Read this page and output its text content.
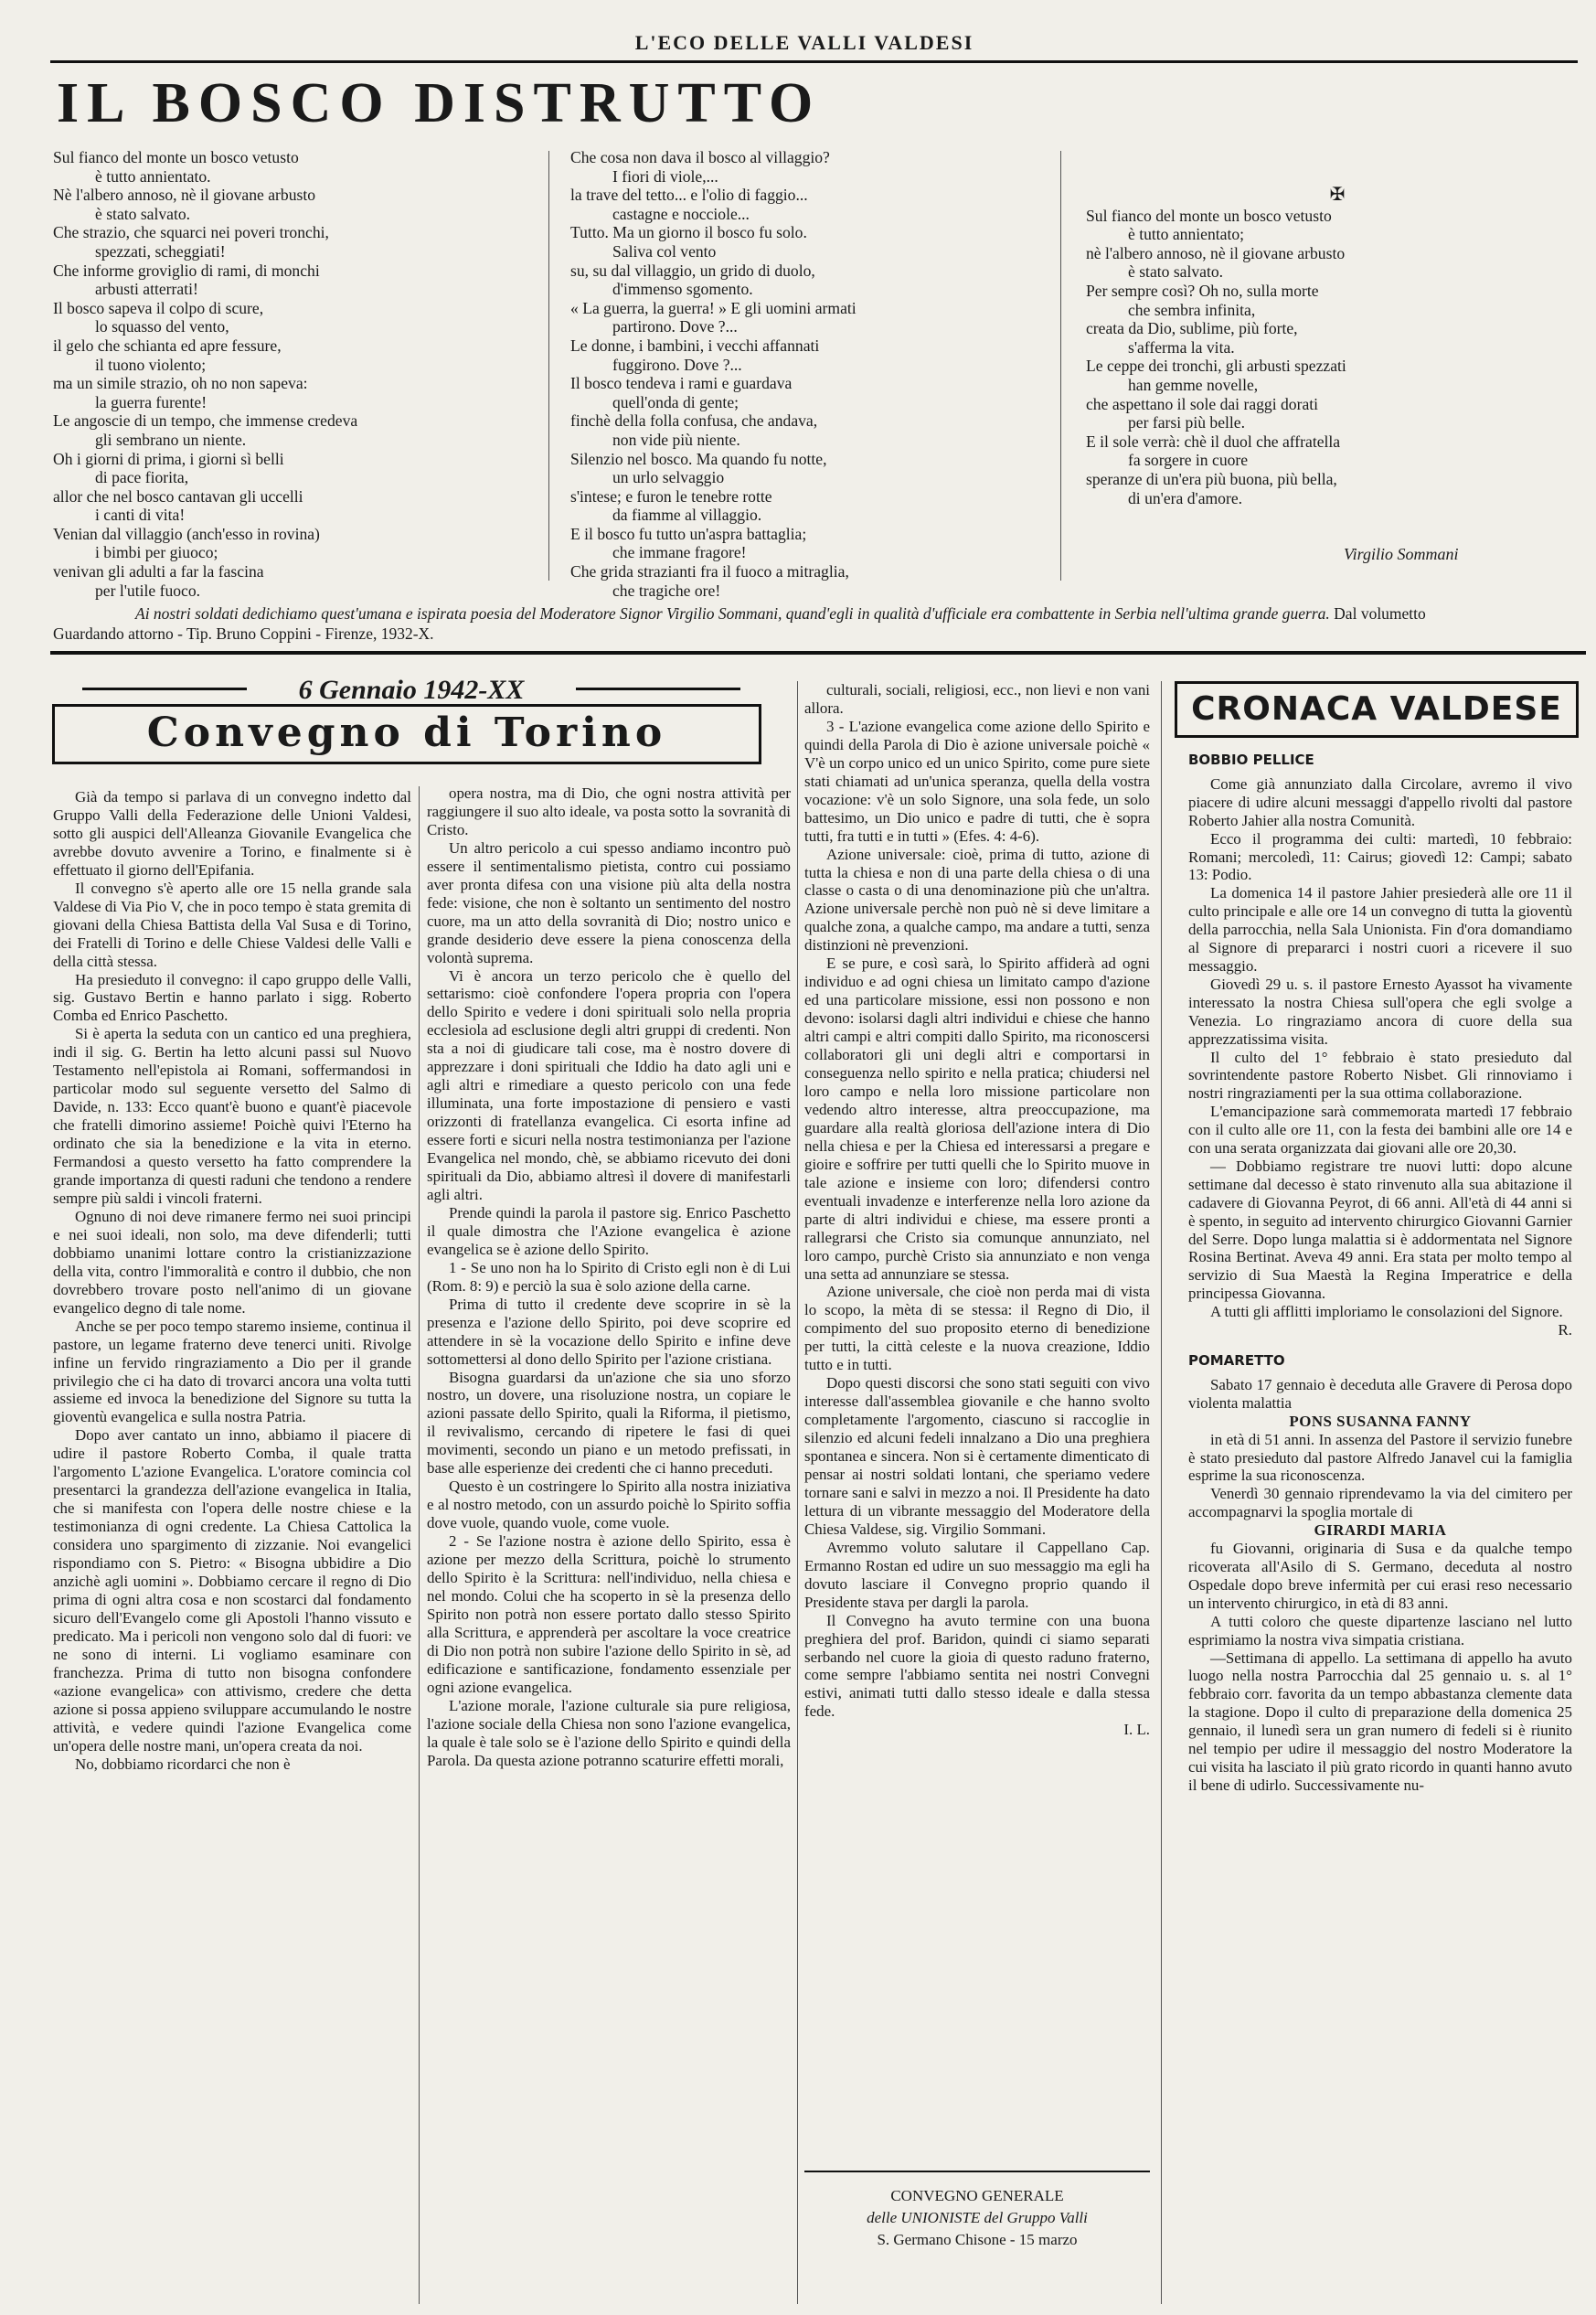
L'ECO DELLE VALLI VALDESI
IL BOSCO DISTRUTTO
Sul fianco del monte un bosco vetusto
è tutto annientato.
Nè l'albero annoso, nè il giovane arbusto
è stato salvato.
Che strazio, che squarci nei poveri tronchi,
spezzati, scheggiati!
Che informe groviglio di rami, di monchi
arbusti atterrati!
Il bosco sapeva il colpo di scure,
lo squasso del vento,
il gelo che schianta ed apre fessure,
il tuono violento;
ma un simile strazio, oh no non sapeva:
la guerra furente!
Le angoscie di un tempo, che immense credeva
gli sembrano un niente.
Oh i giorni di prima, i giorni sì belli
di pace fiorita,
allor che nel bosco cantavan gli uccelli
i canti di vita!
Venian dal villaggio (anch'esso in rovina)
i bimbi per giuoco;
venivan gli adulti a far la fascina
per l'utile fuoco.
Che cosa non dava il bosco al villaggio?
I fiori di viole,...
la trave del tetto... e l'olio di faggio...
castagne e nocciole...
Tutto. Ma un giorno il bosco fu solo.
Saliva col vento
su, su dal villaggio, un grido di duolo,
d'immenso sgomento.
« La guerra, la guerra! » E gli uomini armati
partirono. Dove ?...
Le donne, i bambini, i vecchi affannati
fuggirono. Dove ?...
Il bosco tendeva i rami e guardava
quell'onda di gente;
finchè della folla confusa, che andava,
non vide più niente.
Silenzio nel bosco. Ma quando fu notte,
un urlo selvaggio
s'intese; e furon le tenebre rotte
da fiamme al villaggio.
E il bosco fu tutto un'aspra battaglia;
che immane fragore!
Che grida strazianti fra il fuoco a mitraglia,
che tragiche ore!
✠
Sul fianco del monte un bosco vetusto
è tutto annientato;
nè l'albero annoso, nè il giovane arbusto
è stato salvato.
Per sempre così? Oh no, sulla morte
che sembra infinita,
creata da Dio, sublime, più forte,
s'afferma la vita.
Le ceppe dei tronchi, gli arbusti spezzati
han gemme novelle,
che aspettano il sole dai raggi dorati
per farsi più belle.
E il sole verrà: chè il duol che affratella
fa sorgere in cuore
speranze di un'era più buona, più bella,
di un'era d'amore.
Virgilio Sommani
Ai nostri soldati dedichiamo quest'umana e ispirata poesia del Moderatore Signor Virgilio Sommani, quand'egli in qualità d'ufficiale era combattente in Serbia nell'ultima grande guerra. Dal volumetto Guardando attorno - Tip. Bruno Coppini - Firenze, 1932-X.
6 Gennaio 1942-XX
Convegno di Torino

Già da tempo si parlava di un convegno indetto dal Gruppo Valli della Federazione delle Unioni Valdesi, sotto gli auspici dell'Alleanza Giovanile Evangelica che avrebbe dovuto avvenire a Torino, e finalmente si è effettuato il giorno dell'Epifania.

Il convegno s'è aperto alle ore 15 nella grande sala Valdese di Via Pio V, che in poco tempo è stata gremita di giovani della Chiesa Battista della Val Susa e di Torino, dei Fratelli di Torino e delle Chiese Valdesi delle Valli e della città stessa.

Ha presieduto il convegno: il capo gruppo delle Valli, sig. Gustavo Bertin e hanno parlato i sigg. Roberto Comba ed Enrico Paschetto.

Si è aperta la seduta con un cantico ed una preghiera, indi il sig. G. Bertin ha letto alcuni passi sul Nuovo Testamento nell'epistola ai Romani, soffermandosi in particolar modo sul seguente versetto del Salmo di Davide, n. 133: Ecco quant'è buono e quant'è piacevole che fratelli dimorino assieme! Poichè quivi l'Eterno ha ordinato che sia la benedizione e la vita in eterno. Fermandosi a questo versetto ha fatto comprendere la grande importanza di questi raduni che tendono a rendere sempre più saldi i vincoli fraterni.

Ognuno di noi deve rimanere fermo nei suoi principi e nei suoi ideali, non solo, ma deve difenderli; tutti dobbiamo unanimi lottare contro la cristianizzazione della vita, contro l'immoralità e contro il dubbio, che non dovrebbero trovare posto nell'animo di un giovane evangelico degno di tale nome.

Anche se per poco tempo staremo insieme, continua il pastore, un legame fraterno deve tenerci uniti. Rivolge infine un fervido ringraziamento a Dio per il grande privilegio che ci ha dato di trovarci ancora una volta tutti assieme ed invoca la benedizione del Signore su tutta la gioventù evangelica e sulla nostra Patria.

Dopo aver cantato un inno, abbiamo il piacere di udire il pastore Roberto Comba, il quale tratta l'argomento L'azione Evangelica. L'oratore comincia col presentarci la grandezza dell'azione evangelica in Italia, che si manifesta con l'opera delle nostre chiese e la testimonianza di ogni credente. La Chiesa Cattolica la considera uno spargimento di zizzanie. Noi evangelici rispondiamo con S. Pietro: « Bisogna ubbidire a Dio anzichè agli uomini ». Dobbiamo cercare il regno di Dio prima di ogni altra cosa e non scostarci dal fondamento sicuro dell'Evangelo come gli Apostoli l'hanno vissuto e predicato. Ma i pericoli non vengono solo dal di fuori: ve ne sono di interni. Li vogliamo esaminare con franchezza. Prima di tutto non bisogna confondere «azione evangelica» con attivismo, credere che detta azione si possa appieno sviluppare accumulando le nostre attività, e vedere quindi l'azione Evangelica come un'opera delle nostre mani, un'opera creata da noi.

No, dobbiamo ricordarci che non è

opera nostra, ma di Dio, che ogni nostra attività per raggiungere il suo alto ideale, va posta sotto la sovranità di Cristo.

Un altro pericolo a cui spesso andiamo incontro può essere il sentimentalismo pietista, contro cui possiamo aver pronta difesa con una visione più alta della nostra fede: visione, che non è soltanto un sentimento del nostro cuore, ma un atto della sovranità di Dio; nostro unico e grande desiderio deve essere la piena conoscenza della volontà suprema.

Vi è ancora un terzo pericolo che è quello del settarismo: cioè confondere l'opera propria con l'opera dello Spirito e vedere i doni spirituali solo nella propria ecclesiola ad esclusione degli altri gruppi di credenti. Non sta a noi di giudicare tali cose, ma è nostro dovere di apprezzare i doni spirituali che Iddio ha dato agli uni e agli altri e rimediare a questo pericolo con una fede illuminata, una forte impostazione di pensiero e vasti orizzonti di fratellanza evangelica. Ci esorta infine ad essere forti e sicuri nella nostra testimonianza per l'azione Evangelica nel mondo, chè, se abbiamo ricevuto dei doni spirituali da Dio, abbiamo altresì il dovere di manifestarli agli altri.

Prende quindi la parola il pastore sig. Enrico Paschetto il quale dimostra che l'Azione evangelica è azione evangelica se è azione dello Spirito.

1 - Se uno non ha lo Spirito di Cristo egli non è di Lui (Rom. 8: 9) e perciò la sua è solo azione della carne.

Prima di tutto il credente deve scoprire in sè la presenza e l'azione dello Spirito, poi deve scoprire ed attendere in sè la vocazione dello Spirito e infine deve sottomettersi al dono dello Spirito per l'azione cristiana.

Bisogna guardarsi da un'azione che sia uno sforzo nostro, un dovere, una risoluzione nostra, un copiare le azioni passate dello Spirito, quali la Riforma, il pietismo, il revivalismo, cercando di ripetere le fasi di quei movimenti, secondo un piano e un metodo prefissati, in base alle esperienze dei credenti che ci hanno preceduti.

Questo è un costringere lo Spirito alla nostra iniziativa e al nostro metodo, con un assurdo poichè lo Spirito soffia dove vuole, quando vuole, come vuole.

2 - Se l'azione nostra è azione dello Spirito, essa è azione per mezzo della Scrittura, poichè lo strumento dello Spirito è la Scrittura: nell'individuo, nella chiesa e nel mondo. Colui che ha scoperto in sè la presenza dello Spirito non potrà non essere portato dallo stesso Spirito alla Scrittura, e apprenderà per ascoltare la voce creatrice di Dio non potrà non subire l'azione dello Spirito in sè, ad edificazione e santificazione, fondamento essenziale per ogni azione evangelica.

L'azione morale, l'azione culturale sia pure religiosa, l'azione sociale della Chiesa non sono l'azione evangelica, la quale è tale solo se è l'azione dello Spirito e quindi della Parola. Da questa azione potranno scaturire effetti morali,

culturali, sociali, religiosi, ecc., non lievi e non vani allora.

3 - L'azione evangelica come azione dello Spirito e quindi della Parola di Dio è azione universale poichè « V'è un corpo unico ed un unico Spirito, come pure siete stati chiamati ad un'unica speranza, quella della vostra vocazione: v'è un solo Signore, una sola fede, un solo battesimo, un Dio unico e padre di tutti, che è sopra tutti, fra tutti e in tutti » (Efes. 4: 4-6).

Azione universale: cioè, prima di tutto, azione di tutta la chiesa e non di una parte della chiesa o di una classe o casta o di una denominazione più che un'altra. Azione universale perchè non può nè si deve limitare a qualche zona, a qualche campo, ma andare a tutti, senza distinzioni nè prevenzioni.

E se pure, e così sarà, lo Spirito affiderà ad ogni individuo e ad ogni chiesa un limitato campo d'azione ed una particolare missione, essi non possono e non devono: isolarsi dagli altri individui e chiese che hanno altri campi e altri compiti dallo Spirito, ma riconoscersi collaboratori gli uni degli altri e comportarsi in conseguenza nello spirito e nella pratica; chiudersi nel loro campo e nella loro missione particolare non vedendo altro interesse, altra preoccupazione, ma guardare alla realtà gloriosa dell'azione intera di Dio nella chiesa e per la Chiesa ed interessarsi a pregare e gioire e soffrire per tutti quelli che lo Spirito muove in tale azione e insieme con loro; difendersi contro eventuali invadenze e interferenze nella loro azione da parte di altri individui e chiese, ma essere pronti a rallegrarsi che Cristo sia comunque annunziato, nel loro campo, purchè Cristo sia annunziato e non venga una setta ad annunziare se stessa.

Azione universale, che cioè non perda mai di vista lo scopo, la mèta di se stessa: il Regno di Dio, il compimento del suo proposito eterno di benedizione per tutti, la città celeste e la nuova creazione, Iddio tutto e in tutti.

Dopo questi discorsi che sono stati seguiti con vivo interesse dall'assemblea giovanile e che hanno svolto completamente l'argomento, ciascuno si raccoglie in silenzio ed alcuni fedeli innalzano a Dio una preghiera spontanea e sincera. Non si è certamente dimenticato di pensar ai nostri soldati lontani, che speriamo vedere tornare sani e salvi in mezzo a noi. Il Presidente ha dato lettura di un vibrante messaggio del Moderatore della Chiesa Valdese, sig. Virgilio Sommani.

Avremmo voluto salutare il Cappellano Cap. Ermanno Rostan ed udire un suo messaggio ma egli ha dovuto lasciare il Convegno proprio quando il Presidente stava per dargli la parola.

Il Convegno ha avuto termine con una buona preghiera del prof. Baridon, quindi ci siamo separati serbando nel cuore la gioia di questo raduno fraterno, come sempre l'abbiamo sentita nei nostri Convegni estivi, animati tutti dallo stesso ideale e dalla stessa fede.

I. L.

CONVEGNO GENERALE
delle UNIONISTE del Gruppo Valli
S. Germano Chisone - 15 marzo
CRONACA VALDESE

BOBBIO PELLICE

Come già annunziato dalla Circolare, avremo il vivo piacere di udire alcuni messaggi d'appello rivolti dal pastore Roberto Jahier alla nostra Comunità.

Ecco il programma dei culti: martedì, 10 febbraio: Romani; mercoledì, 11: Cairus; giovedì 12: Campi; sabato 13: Podio.

La domenica 14 il pastore Jahier presiederà alle ore 11 il culto principale e alle ore 14 un convegno di tutta la gioventù della parrocchia, nella Sala Unionista. Fin d'ora domandiamo al Signore di prepararci i nostri cuori a ricevere il suo messaggio.

Giovedì 29 u. s. il pastore Ernesto Ayassot ha vivamente interessato la nostra Chiesa sull'opera che egli svolge a Venezia. Lo ringraziamo ancora di cuore della sua apprezzatissima visita.

Il culto del 1° febbraio è stato presieduto dal sovrintendente pastore Roberto Nisbet. Gli rinnoviamo i nostri ringraziamenti per la sua ottima collaborazione.

L'emancipazione sarà commemorata martedì 17 febbraio con il culto alle ore 11, con la festa dei bambini alle ore 14 e con una serata organizzata dai giovani alle ore 20,30.

— Dobbiamo registrare tre nuovi lutti: dopo alcune settimane dal decesso è stato rinvenuto alla sua abitazione il cadavere di Giovanna Peyrot, di 66 anni. All'età di 44 anni si è spento, in seguito ad intervento chirurgico Giovanni Garnier del Serre. Dopo lunga malattia si è addormentata nel Signore Rosina Bertinat. Aveva 49 anni. Era stata per molto tempo al servizio di Sua Maestà la Regina Imperatrice e della principessa Giovanna.

A tutti gli afflitti imploriamo le consolazioni del Signore.

R.

POMARETTO

Sabato 17 gennaio è deceduta alle Gravere di Perosa dopo violenta malattia

PONS SUSANNA FANNY

in età di 51 anni. In assenza del Pastore il servizio funebre è stato presieduto dal pastore Alfredo Janavel cui la famiglia esprime la sua riconoscenza.

Venerdì 30 gennaio riprendevamo la via del cimitero per accompagnarvi la spoglia mortale di

GIRARDI MARIA

fu Giovanni, originaria di Susa e da qualche tempo ricoverata all'Asilo di S. Germano, deceduta al nostro Ospedale dopo breve infermità per cui erasi reso necessario un intervento chirurgico, in età di 83 anni.

A tutti coloro che queste dipartenze lasciano nel lutto esprimiamo la nostra viva simpatia cristiana.

—Settimana di appello. La settimana di appello ha avuto luogo nella nostra Parrocchia dal 25 gennaio u. s. al 1° febbraio corr. favorita da un tempo abbastanza clemente data la stagione. Dopo il culto di preparazione della domenica 25 gennaio, il lunedì sera un gran numero di fedeli si è riunito nel tempio per udire il messaggio del nostro Moderatore la cui visita ha lasciato il più grato ricordo in quanti hanno avuto il bene di udirlo. Successivamente nu-
